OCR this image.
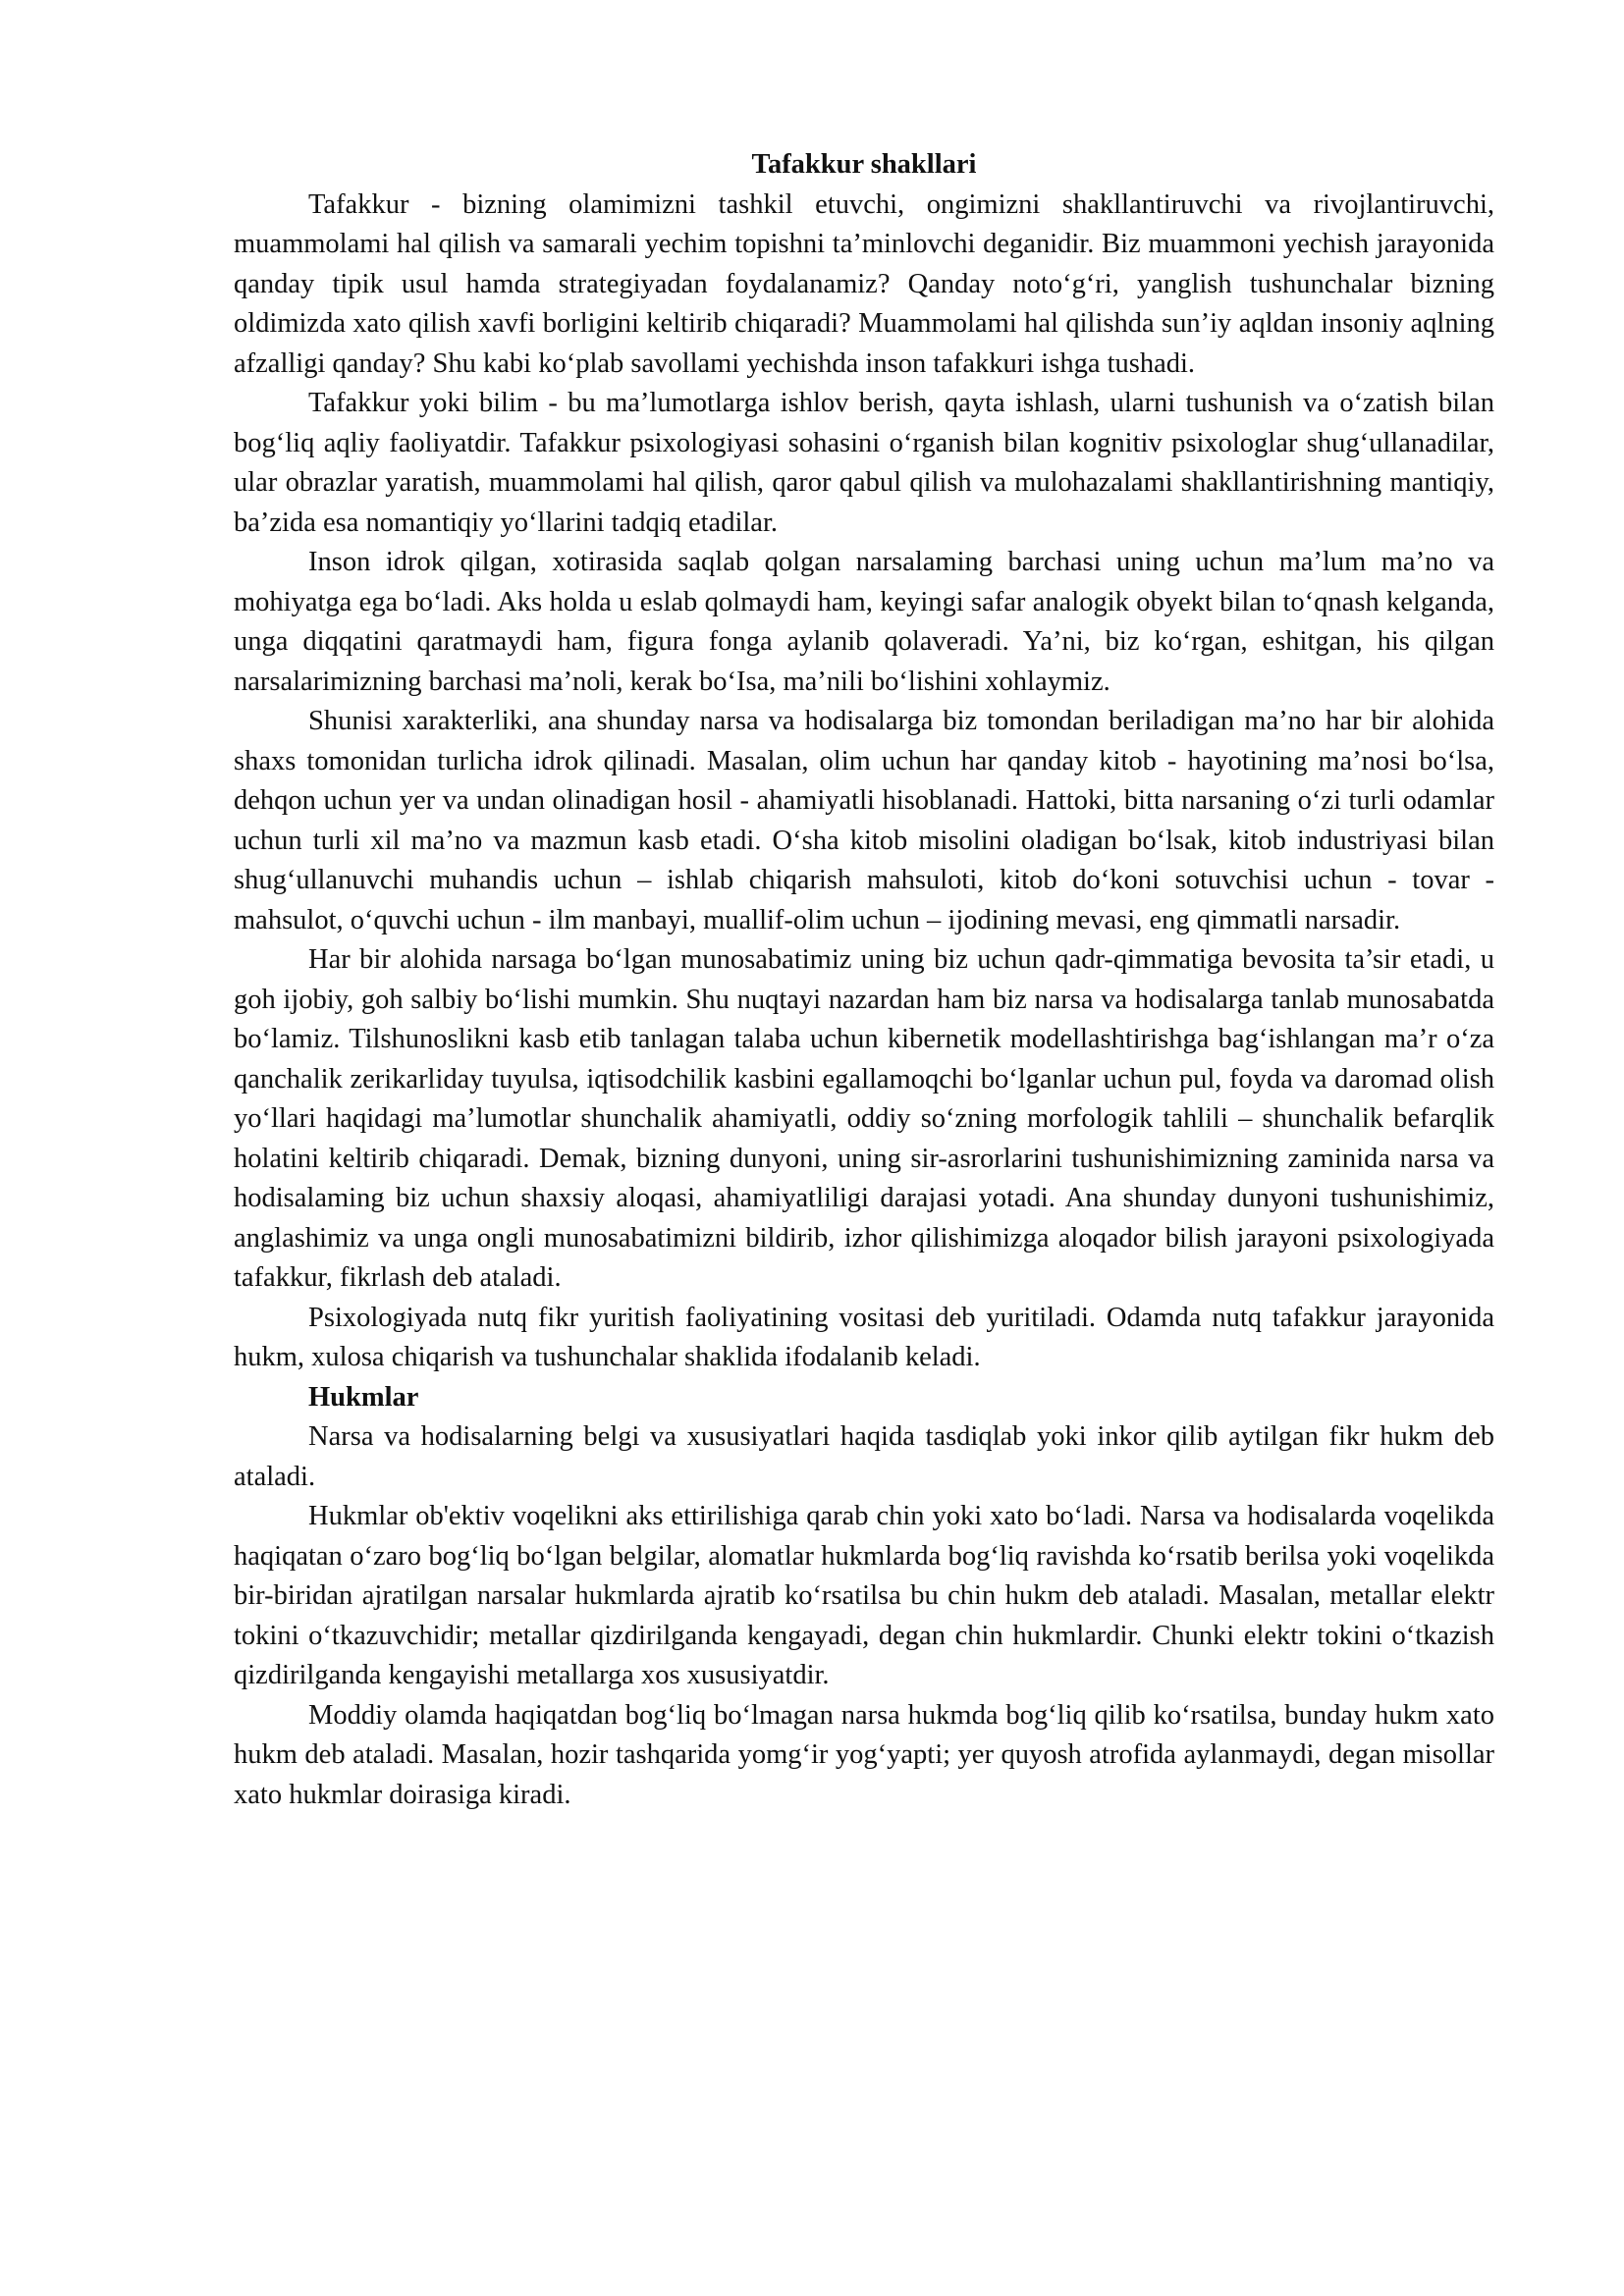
Tafakkur shakllari

Tafakkur - bizning olamimizni tashkil etuvchi, ongimizni shakllantiruvchi va rivojlantiruvchi, muammolami hal qilish va samarali yechim topishni ta’minlovchi deganidir. Biz muammoni yechish jarayonida qanday tipik usul hamda strategiyadan foydalanamiz? Qanday noto‘g‘ri, yanglish tushunchalar bizning oldimizda xato qilish xavfi borligini keltirib chiqaradi? Muammolami hal qilishda sun’iy aqldan insoniy aqlning afzalligi qanday? Shu kabi ko‘plab savollami yechishda inson tafakkuri ishga tushadi.

Tafakkur yoki bilim - bu ma’lumotlarga ishlov berish, qayta ishlash, ularni tushunish va o‘zatish bilan bog‘liq aqliy faoliyatdir. Tafakkur psixologiyasi sohasini o‘rganish bilan kognitiv psixologlar shug‘ullanadilar, ular obrazlar yaratish, muammolami hal qilish, qaror qabul qilish va mulohazalami shakllantirishning mantiqiy, ba’zida esa nomantiqiy yo‘llarini tadqiq etadilar.

Inson idrok qilgan, xotirasida saqlab qolgan narsalaming barchasi uning uchun ma’lum ma’no va mohiyatga ega bo‘ladi. Aks holda u eslab qolmaydi ham, keyingi safar analogik obyekt bilan to‘qnash kelganda, unga diqqatini qaratmaydi ham, figura fonga aylanib qolaveradi. Ya’ni, biz ko‘rgan, eshitgan, his qilgan narsalarimizning barchasi ma’noli, kerak bo‘Isa, ma’nili bo‘lishini xohlaymiz.

Shunisi xarakterliki, ana shunday narsa va hodisalarga biz tomondan beriladigan ma’no har bir alohida shaxs tomonidan turlicha idrok qilinadi. Masalan, olim uchun har qanday kitob - hayotining ma’nosi bo‘lsa, dehqon uchun yer va undan olinadigan hosil - ahamiyatli hisoblanadi. Hattoki, bitta narsaning o‘zi turli odamlar uchun turli xil ma’no va mazmun kasb etadi. O‘sha kitob misolini oladigan bo‘lsak, kitob industriyasi bilan shug‘ullanuvchi muhandis uchun – ishlab chiqarish mahsuloti, kitob do‘koni sotuvchisi uchun - tovar - mahsulot, o‘quvchi uchun - ilm manbayi, muallif-olim uchun – ijodining mevasi, eng qimmatli narsadir.

Har bir alohida narsaga bo‘lgan munosabatimiz uning biz uchun qadr-qimmatiga bevosita ta’sir etadi, u goh ijobiy, goh salbiy bo‘lishi mumkin. Shu nuqtayi nazardan ham biz narsa va hodisalarga tanlab munosabatda bo‘lamiz. Tilshunoslikni kasb etib tanlagan talaba uchun kibernetik modellashtirishga bag‘ishlangan ma’r o‘za qanchalik zerikarliday tuyulsa, iqtisodchilik kasbini egallamoqchi bo‘lganlar uchun pul, foyda va daromad olish yo‘llari haqidagi ma’lumotlar shunchalik ahamiyatli, oddiy so‘zning morfologik tahlili – shunchalik befarqlik holatini keltirib chiqaradi. Demak, bizning dunyoni, uning sir-asrorlarini tushunishimizning zaminida narsa va hodisalaming biz uchun shaxsiy aloqasi, ahamiyatliligi darajasi yotadi. Ana shunday dunyoni tushunishimiz, anglashimiz va unga ongli munosabatimizni bildirib, izhor qilishimizga aloqador bilish jarayoni psixologiyada tafakkur, fikrlash deb ataladi.

Psixologiyada nutq fikr yuritish faoliyatining vositasi deb yuritiladi. Odamda nutq tafakkur jarayonida hukm, xulosa chiqarish va tushunchalar shaklida ifodalanib keladi.

Hukmlar

Narsa va hodisalarning belgi va xususiyatlari haqida tasdiqlab yoki inkor qilib aytilgan fikr hukm deb ataladi.

Hukmlar ob'ektiv voqelikni aks ettirilishiga qarab chin yoki xato bo‘ladi. Narsa va hodisalarda voqelikda haqiqatan o‘zaro bog‘liq bo‘lgan belgilar, alomatlar hukmlarda bog‘liq ravishda ko‘rsatib berilsa yoki voqelikda bir-biridan ajratilgan narsalar hukmlarda ajratib ko‘rsatilsa bu chin hukm deb ataladi. Masalan, metallar elektr tokini o‘tkazuvchidir; metallar qizdirilganda kengayadi, degan chin hukmlardir. Chunki elektr tokini o‘tkazish qizdirilganda kengayishi metallarga xos xususiyatdir.

Moddiy olamda haqiqatdan bog‘liq bo‘lmagan narsa hukmda bog‘liq qilib ko‘rsatilsa, bunday hukm xato hukm deb ataladi. Masalan, hozir tashqarida yomg‘ir yog‘yapti; yer quyosh atrofida aylanmaydi, degan misollar xato hukmlar doirasiga kiradi.
